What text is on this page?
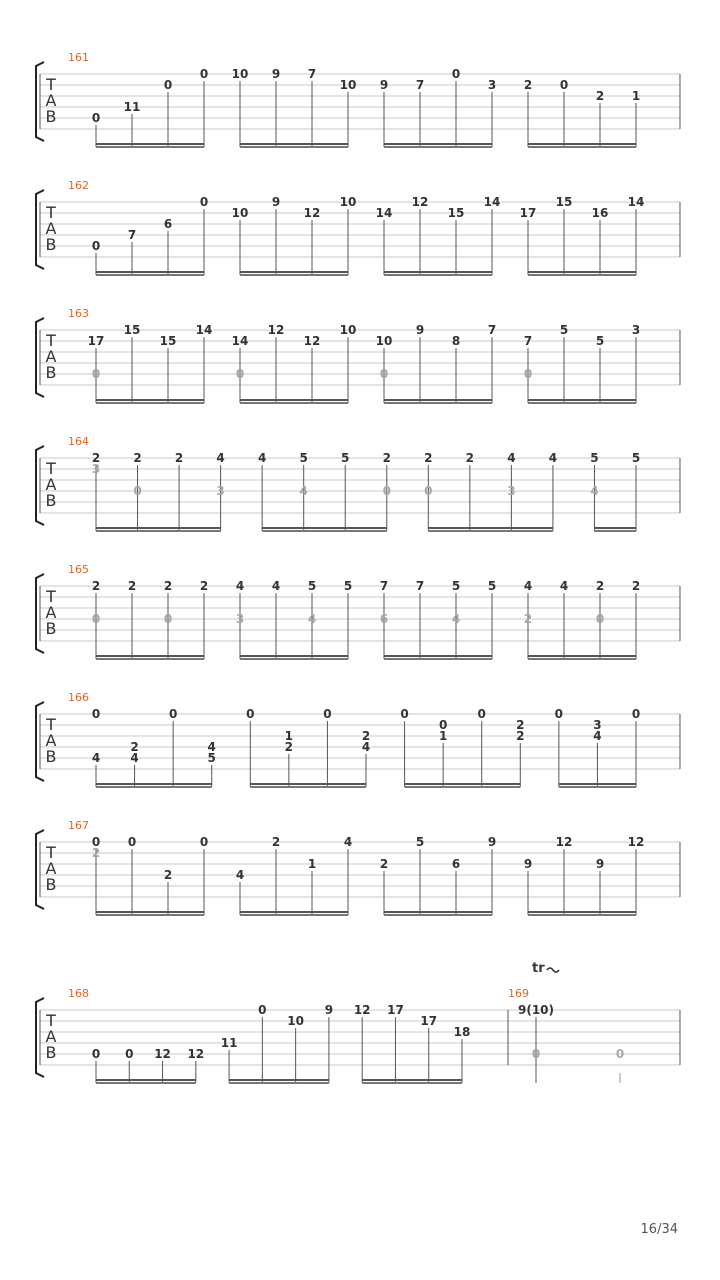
T
A
B
161
0
11
0
0 10 9 7
10 9 7
0
3 2 0
2 1
T
A
B
162
0
7
6
0
10
9
12
10
14
12
15
14
17
15
16
14
T
A
B
163
17
0
15
15
14
14
0
12
12
10
10
0
9
8
7
7
0
5
5
3
T
A
B
164
2
3
2
0
2	4
3
4	5
4
5	2
0
2
0
2	4
3
4	5
4
5
T
A
B
165
2
0
2 2
0
2 4
3
4 5
4
5 7
6
7 5
4
5 4
2
4 2
0
2
T
A
B
166
0
4
2
4
0
4
5
0
1
2
0
2
4
0
0
1
0
2
2
0
3
4
0
T
A
B
167
0
2
0
2
0
4
2
1
4
2
5
6
9
9
12
9
12
T
A
B
168
0 0 12 12
11
0
10
9 12 17
17
18
169
9(10)
0	0
tr
16/34
